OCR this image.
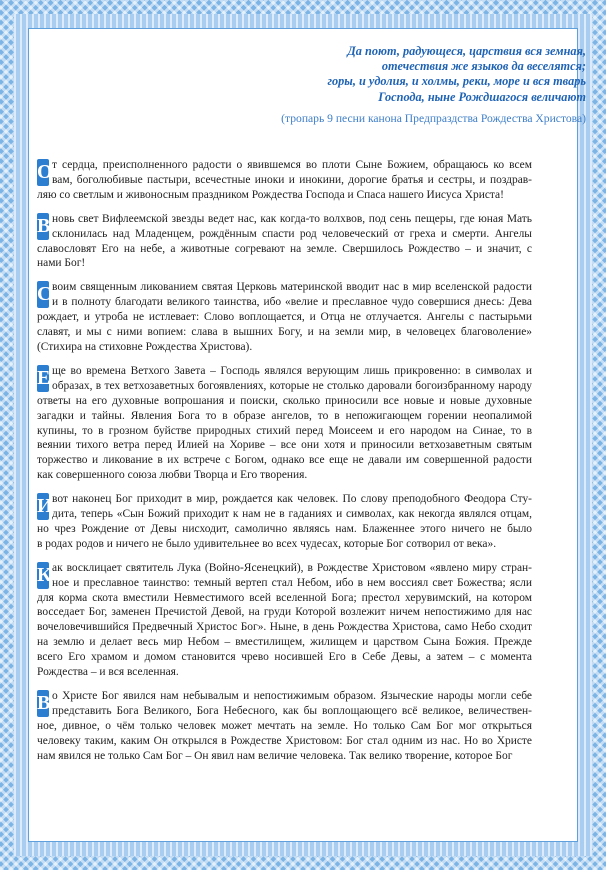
Да поют, радующеся, царствия вся земная,
отечествия же языков да веселятся;
горы, и удолия, и холмы, реки, море и вся тварь
Господа, ныне Рождшагося величают
(тропарь 9 песни канона Предпраздства Рождества Христова)
О т сердца, преисполненного радости о явившемся во плоти Сыне Божием, обращаюсь ко всем
вам, боголюбивые пастыри, всечестные иноки и инокини, дорогие братья и сестры, и поздрав-
ляю со светлым и живоносным праздником Рождества Господа и Спаса нашего Иисуса Христа!
В новь свет Вифлеемской звезды ведет нас, как когда-то волхвов, под сень пещеры, где юная Мать
склонилась над Младенцем, рождённым спасти род человеческий от греха и смерти. Ангелы
славословят Его на небе, а животные согревают на земле. Свершилось Рождество – и значит, с
нами Бог!
С воим священным ликованием святая Церковь материнской вводит нас в мир вселенской радости
и в полноту благодати великого таинства, ибо «велие и преславное чудо совершися днесь: Дева
рождает, и утроба не истлевает: Слово воплощается, и Отца не отлучается. Ангелы с пастырьми
славят, и мы с ними вопием: слава в вышних Богу, и на земли мир, в человецех благоволение»
(Стихира на стиховне Рождества Христова).
Е ще во времена Ветхого Завета – Господь являлся верующим лишь прикровенно: в символах и
образах, в тех ветхозаветных богоявлениях, которые не столько даровали богоизбранному народу
ответы на его духовные вопрошания и поиски, сколько приносили все новые и новые духовные
загадки и тайны. Явления Бога то в образе ангелов, то в непожигающем горении неопалимой
купины, то в грозном буйстве природных стихий перед Моисеем и его народом на Синае, то в
веянии тихого ветра перед Илией на Хориве – все они хотя и приносили ветхозаветным святым
торжество и ликование в их встрече с Богом, однако все еще не давали им совершенной радости
как совершенного союза любви Творца и Его творения.
И вот наконец Бог приходит в мир, рождается как человек. По слову преподобного Феодора Сту-
дита, теперь «Сын Божий приходит к нам не в гаданиях и символах, как некогда являлся отцам,
но чрез Рождение от Девы нисходит, самолично являясь нам. Блаженнее этого ничего не было
в родах родов и ничего не было удивительнее во всех чудесах, которые Бог сотворил от века».
К ак восклицает святитель Лука (Войно-Ясенецкий), в Рождестве Христовом «явлено миру стран-
ное и преславное таинство: темный вертеп стал Небом, ибо в нем воссиял свет Божества; ясли
для корма скота вместили Невместимого всей вселенной Бога; престол херувимский, на котором
восседает Бог, заменен Пречистой Девой, на груди Которой возлежит ничем непостижимо для нас
вочеловечившийся Предвечный Христос Бог». Ныне, в день Рождества Христова, само Небо сходит
на землю и делает весь мир Небом – вместилищем, жилищем и царством Сына Божия. Прежде
всего Его храмом и домом становится чрево носившей Его в Себе Девы, а затем – с момента
Рождества – и вся вселенная.
В о Христе Бог явился нам небывалым и непостижимым образом. Языческие народы могли себе
представить Бога Великого, Бога Небесного, как бы воплощающего всё великое, величествен-
ное, дивное, о чём только человек может мечтать на земле. Но только Сам Бог мог открыться
человеку таким, каким Он открылся в Рождестве Христовом: Бог стал одним из нас. Но во Христе
нам явился не только Сам Бог – Он явил нам величие человека. Так велико творение, которое Бог
